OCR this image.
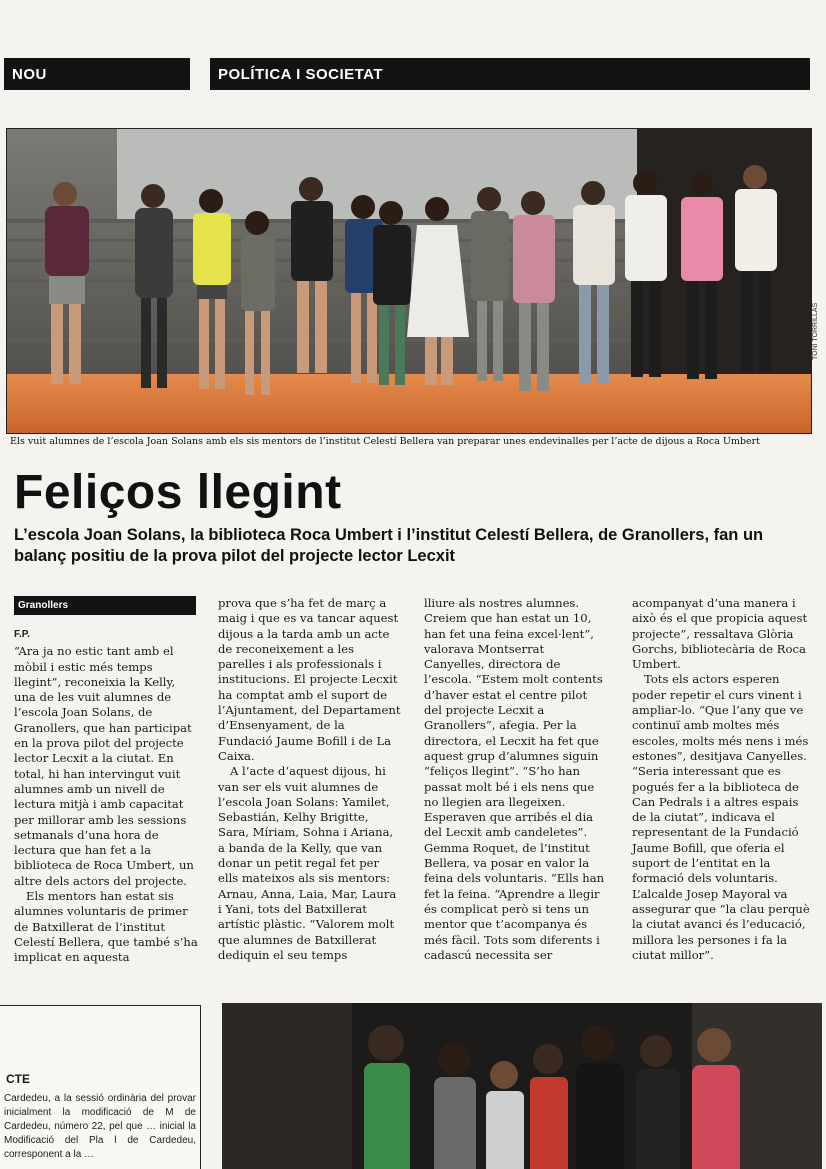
NOU	POLÍTICA I SOCIETAT
TONI TORRILLAS
Els vuit alumnes de l’escola Joan Solans amb els sis mentors de l’institut Celestí Bellera van preparar unes endevinalles per l’acte de dijous a Roca Umbert
Feliços llegint
L’escola Joan Solans, la biblioteca Roca Umbert i l’institut Celestí Bellera, de Granollers, fan un balanç positiu de la prova pilot del projecte lector Lecxit
Granollers
F.P.

“Ara ja no estic tant amb el mòbil i estic més temps llegint”, reconeixia la Kelly, una de les vuit alumnes de l’escola Joan Solans, de Granollers, que han participat en la prova pilot del projecte lector Lecxit a la ciutat. En total, hi han intervingut vuit alumnes amb un nivell de lectura mitjà i amb capacitat per millorar amb les sessions setmanals d’una hora de lectura que han fet a la biblioteca de Roca Umbert, un altre dels actors del projecte.

Els mentors han estat sis alumnes voluntaris de primer de Batxillerat de l’institut Celestí Bellera, que també s’ha implicat en aquesta

prova que s’ha fet de març a maig i que es va tancar aquest dijous a la tarda amb un acte de reconeixement a les parelles i als professionals i institucions. El projecte Lecxit ha comptat amb el suport de l’Ajuntament, del Departament d’Ensenyament, de la Fundació Jaume Bofill i de La Caixa.

A l’acte d’aquest dijous, hi van ser els vuit alumnes de l’escola Joan Solans: Yamilet, Sebastián, Kelhy Brigitte, Sara, Míriam, Sohna i Ariana, a banda de la Kelly, que van donar un petit regal fet per ells mateixos als sis mentors: Arnau, Anna, Laia, Mar, Laura i Yani, tots del Batxillerat artístic plàstic. “Valorem molt que alumnes de Batxillerat dediquin el seu temps

lliure als nostres alumnes. Creiem que han estat un 10, han fet una feina excel·lent”, valorava Montserrat Canyelles, directora de l’escola. “Estem molt contents d’haver estat el centre pilot del projecte Lecxit a Granollers”, afegia. Per la directora, el Lecxit ha fet que aquest grup d’alumnes siguin “feliços llegint”. “S’ho han passat molt bé i els nens que no llegien ara llegeixen. Esperaven que arribés el dia del Lecxit amb candeletes”. Gemma Roquet, de l’institut Bellera, va posar en valor la feina dels voluntaris. “Ells han fet la feina. “Aprendre a llegir és complicat però si tens un mentor que t’acompanya és més fàcil. Tots som diferents i cadascú necessita ser

acompanyat d’una manera i això és el que propicia aquest projecte”, ressaltava Glòria Gorchs, bibliotecària de Roca Umbert.

Tots els actors esperen poder repetir el curs vinent i ampliar-lo. “Que l’any que ve continuï amb moltes més escoles, molts més nens i més estones”, desitjava Canyelles. “Seria interessant que es pogués fer a la biblioteca de Can Pedrals i a altres espais de la ciutat”, indicava el representant de la Fundació Jaume Bofill, que oferia el suport de l’entitat en la formació dels voluntaris. L’alcalde Josep Mayoral va assegurar que “la clau perquè la ciutat avanci és l’educació, millora les persones i fa la ciutat millor”.

CTE
Cardedeu, a la sessió ordinària del provar inicialment la modificació de M de Cardedeu, número 22, pel que … inicial la Modificació del Pla l de Cardedeu, corresponent a la …
